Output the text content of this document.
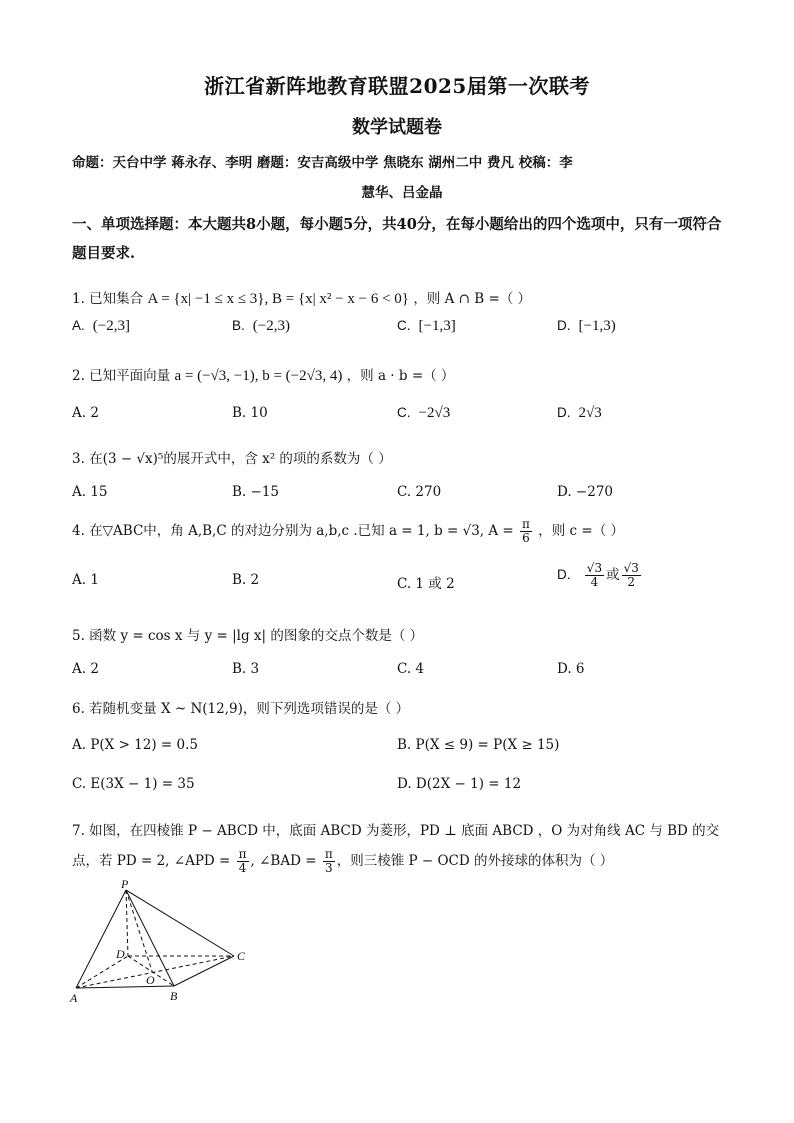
浙江省新阵地教育联盟2025届第一次联考
数学试题卷
命题：天台中学 蒋永存、李明 磨题：安吉高级中学 焦晓东 湖州二中 费凡 校稿：李
慧华、吕金晶
一、单项选择题：本大题共8小题，每小题5分，共40分，在每小题给出的四个选项中，只有一项符合题目要求.
1. 已知集合 A = {x| −1 ≤ x ≤ 3}, B = {x| x² − x − 6 < 0} ，则 A ∩ B =（ ）
A. (−2,3]	B. (−2,3)	C. [−1,3]	D. [−1,3)
2. 已知平面向量 a = (−√3, −1), b = (−2√3, 4) ，则 a · b =（ ）
A. 2	B. 10	C. −2√3	D. 2√3
3. 在(3 − √x)⁵的展开式中，含 x² 的项的系数为（ ）
A. 15	B. −15	C. 270	D. −270
4. 在▽ABC中，角 A,B,C 的对边分别为 a,b,c .已知 a = 1, b = √3, $A = \frac{\pi}{6}$ ，则 c =（ ）
A. 1	B. 2	C. 1 或 2
D. $\frac{√3}{4}$ 或 $\frac{√3}{2}$
5. 函数 y = cos x 与 y = |lg x| 的图象的交点个数是（ ）
A. 2	B. 3	C. 4	D. 6
6. 若随机变量 X ~ N(12,9)，则下列选项错误的是（ ）
A. P(X > 12) = 0.5	B. P(X ≤ 9) = P(X ≥ 15)
C. E(3X − 1) = 35	D. D(2X − 1) = 12
7. 如图，在四棱锥 P − ABCD 中，底面 ABCD 为菱形，PD ⊥ 底面 ABCD ，O 为对角线 AC 与 BD 的交
点，若 PD = 2, ∠APD = $\frac{\pi}{4}$ , ∠BAD = $\frac{\pi}{3}$ ，则三棱锥 P − OCD 的外接球的体积为（ ）
P
D	C
O
A	B
